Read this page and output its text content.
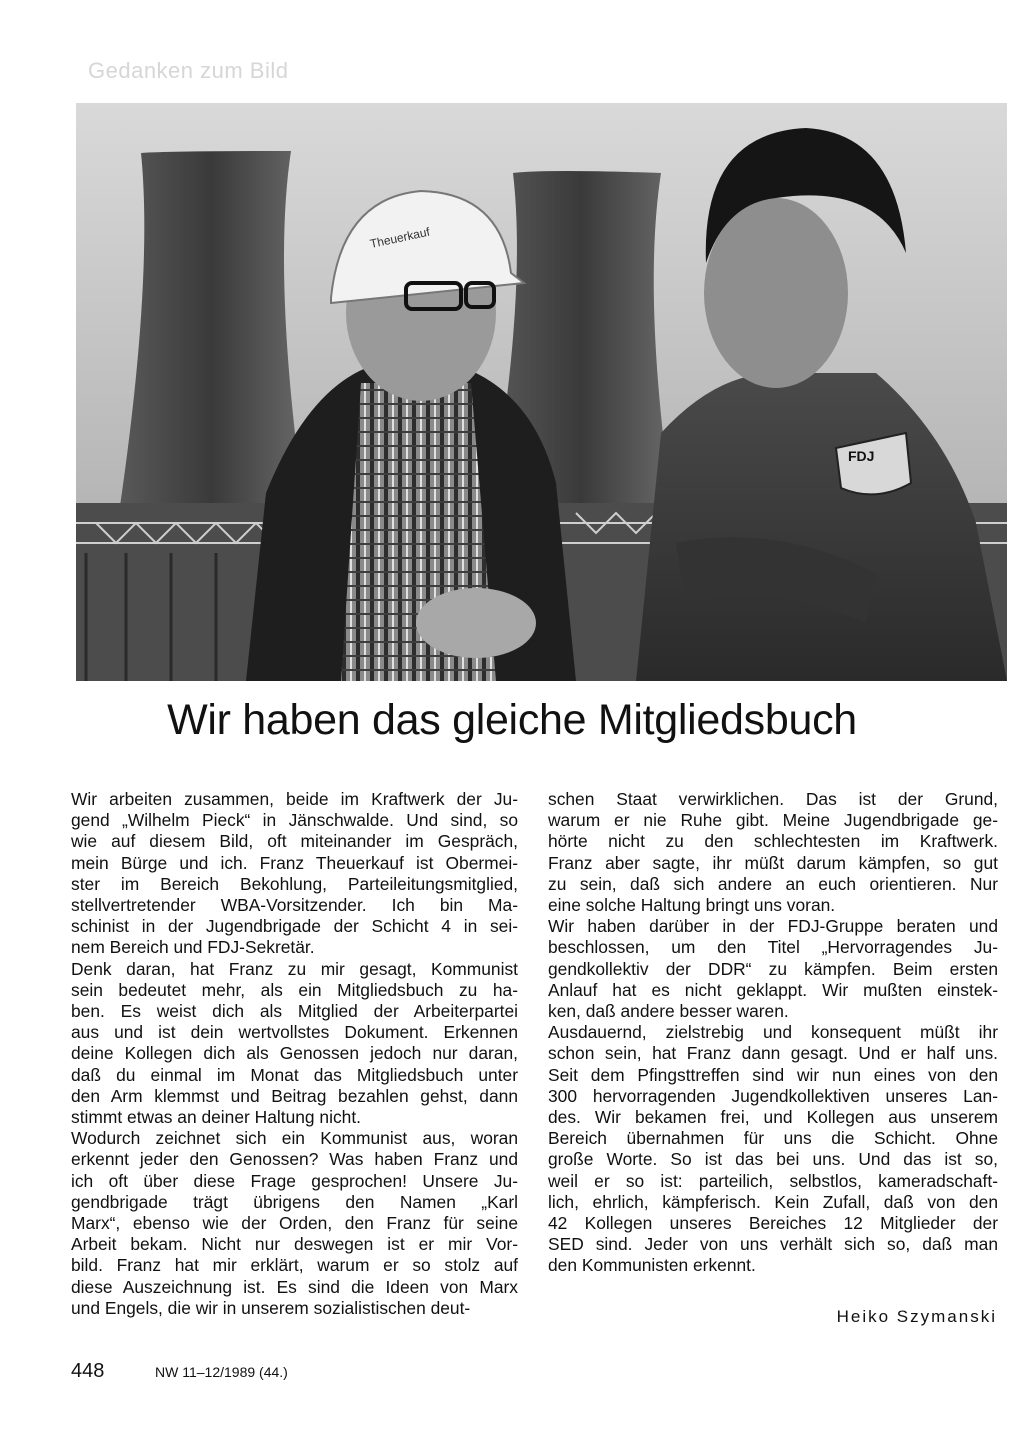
Gedanken zum Bild
Theuerkauf
FDJ
Wir haben das gleiche Mitgliedsbuch
Wir arbeiten zusammen, beide im Kraftwerk der Ju-
gend „Wilhelm Pieck“ in Jänschwalde. Und sind, so
wie auf diesem Bild, oft miteinander im Gespräch,
mein Bürge und ich. Franz Theuerkauf ist Obermei-
ster im Bereich Bekohlung, Parteileitungsmitglied,
stellvertretender WBA-Vorsitzender. Ich bin Ma-
schinist in der Jugendbrigade der Schicht 4 in sei-
nem Bereich und FDJ-Sekretär.
Denk daran, hat Franz zu mir gesagt, Kommunist
sein bedeutet mehr, als ein Mitgliedsbuch zu ha-
ben. Es weist dich als Mitglied der Arbeiterpartei
aus und ist dein wertvollstes Dokument. Erkennen
deine Kollegen dich als Genossen jedoch nur daran,
daß du einmal im Monat das Mitgliedsbuch unter
den Arm klemmst und Beitrag bezahlen gehst, dann
stimmt etwas an deiner Haltung nicht.
Wodurch zeichnet sich ein Kommunist aus, woran
erkennt jeder den Genossen? Was haben Franz und
ich oft über diese Frage gesprochen! Unsere Ju-
gendbrigade trägt übrigens den Namen „Karl
Marx“, ebenso wie der Orden, den Franz für seine
Arbeit bekam. Nicht nur deswegen ist er mir Vor-
bild. Franz hat mir erklärt, warum er so stolz auf
diese Auszeichnung ist. Es sind die Ideen von Marx
und Engels, die wir in unserem sozialistischen deut-
schen Staat verwirklichen. Das ist der Grund,
warum er nie Ruhe gibt. Meine Jugendbrigade ge-
hörte nicht zu den schlechtesten im Kraftwerk.
Franz aber sagte, ihr müßt darum kämpfen, so gut
zu sein, daß sich andere an euch orientieren. Nur
eine solche Haltung bringt uns voran.
Wir haben darüber in der FDJ-Gruppe beraten und
beschlossen, um den Titel „Hervorragendes Ju-
gendkollektiv der DDR“ zu kämpfen. Beim ersten
Anlauf hat es nicht geklappt. Wir mußten einstek-
ken, daß andere besser waren.
Ausdauernd, zielstrebig und konsequent müßt ihr
schon sein, hat Franz dann gesagt. Und er half uns.
Seit dem Pfingsttreffen sind wir nun eines von den
300 hervorragenden Jugendkollektiven unseres Lan-
des. Wir bekamen frei, und Kollegen aus unserem
Bereich übernahmen für uns die Schicht. Ohne
große Worte. So ist das bei uns. Und das ist so,
weil er so ist: parteilich, selbstlos, kameradschaft-
lich, ehrlich, kämpferisch. Kein Zufall, daß von den
42 Kollegen unseres Bereiches 12 Mitglieder der
SED sind. Jeder von uns verhält sich so, daß man
den Kommunisten erkennt.
Heiko Szymanski
448	NW 11–12/1989 (44.)
